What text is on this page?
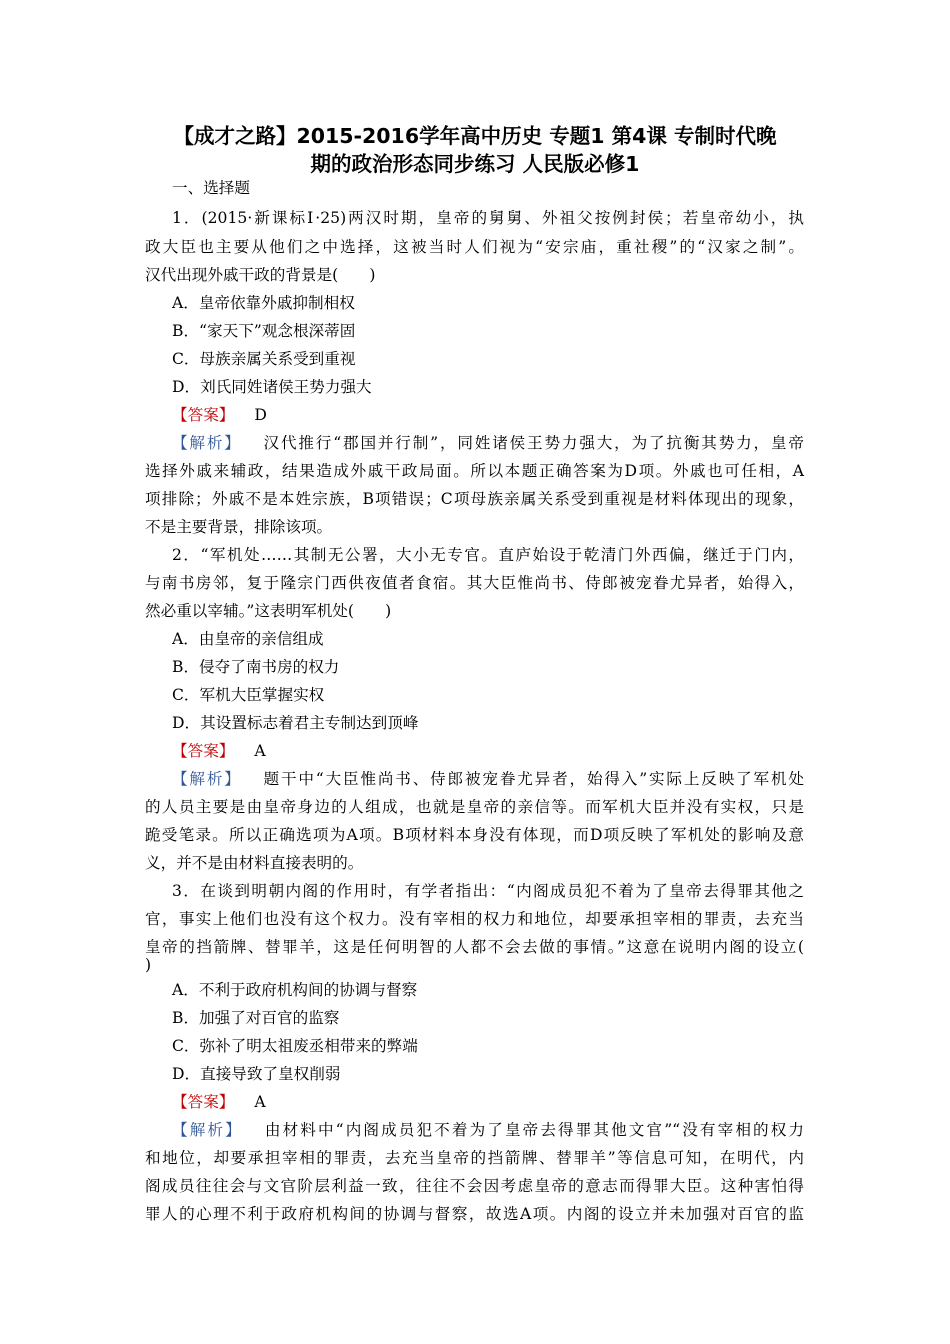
【成才之路】2015-2016学年高中历史 专题1 第4课 专制时代晚
期的政治形态同步练习 人民版必修1
一、选择题
1．(2015·新课标Ⅰ·25)两汉时期，皇帝的舅舅、外祖父按例封侯；若皇帝幼小，执
政大臣也主要从他们之中选择，这被当时人们视为“安宗庙，重社稷”的“汉家之制”。
汉代出现外戚干政的背景是(　　)
A．皇帝依靠外戚抑制相权
B．“家天下”观念根深蒂固
C．母族亲属关系受到重视
D．刘氏同姓诸侯王势力强大
【答案】 D
【解析】 汉代推行“郡国并行制”，同姓诸侯王势力强大，为了抗衡其势力，皇帝
选择外戚来辅政，结果造成外戚干政局面。所以本题正确答案为D项。外戚也可任相，A
项排除；外戚不是本姓宗族，B项错误；C项母族亲属关系受到重视是材料体现出的现象，
不是主要背景，排除该项。
2．“军机处……其制无公署，大小无专官。直庐始设于乾清门外西偏，继迁于门内，
与南书房邻，复于隆宗门西供夜值者食宿。其大臣惟尚书、侍郎被宠眷尤异者，始得入，
然必重以宰辅。”这表明军机处(　　)
A．由皇帝的亲信组成
B．侵夺了南书房的权力
C．军机大臣掌握实权
D．其设置标志着君主专制达到顶峰
【答案】 A
【解析】 题干中“大臣惟尚书、侍郎被宠眷尤异者，始得入”实际上反映了军机处
的人员主要是由皇帝身边的人组成，也就是皇帝的亲信等。而军机大臣并没有实权，只是
跪受笔录。所以正确选项为A项。B项材料本身没有体现，而D项反映了军机处的影响及意
义，并不是由材料直接表明的。
3．在谈到明朝内阁的作用时，有学者指出：“内阁成员犯不着为了皇帝去得罪其他之
官，事实上他们也没有这个权力。没有宰相的权力和地位，却要承担宰相的罪责，去充当
皇帝的挡箭牌、替罪羊，这是任何明智的人都不会去做的事情。”这意在说明内阁的设立(
)
A．不利于政府机构间的协调与督察
B．加强了对百官的监察
C．弥补了明太祖废丞相带来的弊端
D．直接导致了皇权削弱
【答案】 A
【解析】 由材料中“内阁成员犯不着为了皇帝去得罪其他文官”“没有宰相的权力
和地位，却要承担宰相的罪责，去充当皇帝的挡箭牌、替罪羊”等信息可知，在明代，内
阁成员往往会与文官阶层利益一致，往往不会因考虑皇帝的意志而得罪大臣。这种害怕得
罪人的心理不利于政府机构间的协调与督察，故选A项。内阁的设立并未加强对百官的监
